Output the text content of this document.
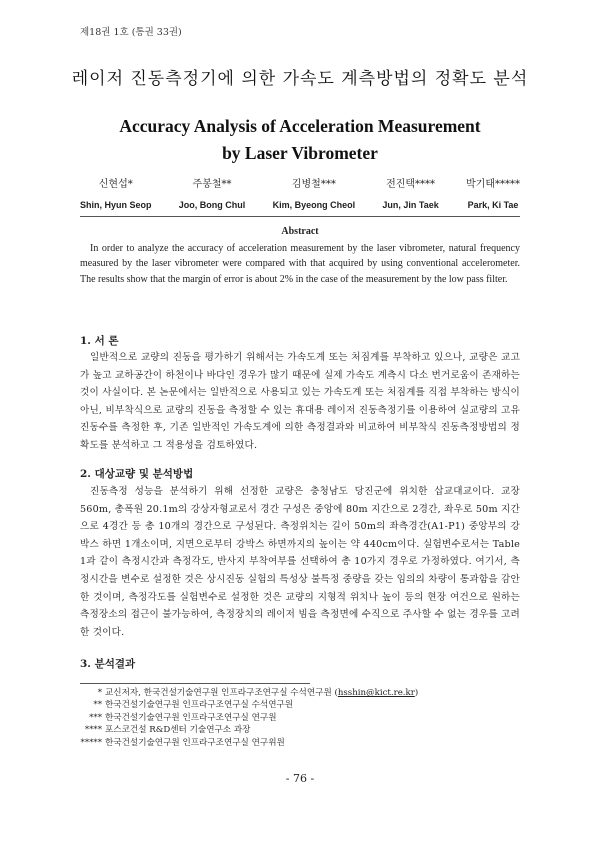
제18권 1호 (통권 33권)
레이저 진동측정기에 의한 가속도 계측방법의 정확도 분석
Accuracy Analysis of Acceleration Measurement
by Laser Vibrometer
신현섭*
Shin, Hyun Seop
주봉철**
Joo, Bong Chul
김병철***
Kim, Byeong Cheol
전진택****
Jun, Jin Taek
박기태*****
Park, Ki Tae
Abstract

In order to analyze the accuracy of acceleration measurement by the laser vibrometer, natural frequency measured by the laser vibrometer were compared with that acquired by using conventional accelerometer. The results show that the margin of error is about 2% in the case of the measurement by the low pass filter.

1. 서 론

일반적으로 교량의 진동을 평가하기 위해서는 가속도계 또는 처짐계를 부착하고 있으나, 교량은 교고가 높고 교하공간이 하천이나 바다인 경우가 많기 때문에 실제 가속도 계측시 다소 번거로움이 존재하는 것이 사실이다. 본 논문에서는 일반적으로 사용되고 있는 가속도계 또는 처짐계를 직접 부착하는 방식이 아닌, 비부착식으로 교량의 진동을 측정할 수 있는 휴대용 레이저 진동측정기를 이용하여 실교량의 고유진동수를 측정한 후, 기존 일반적인 가속도계에 의한 측정결과와 비교하여 비부착식 진동측정방법의 정확도를 분석하고 그 적용성을 검토하였다.

2. 대상교량 및 분석방법

진동측정 성능을 분석하기 위해 선정한 교량은 충청남도 당진군에 위치한 삽교대교이다. 교장 560m, 총폭원 20.1m의 강상자형교로서 경간 구성은 중앙에 80m 지간으로 2경간, 좌우로 50m 지간으로 4경간 등 총 10개의 경간으로 구성된다. 측정위치는 길이 50m의 좌측경간(A1-P1) 중앙부의 강박스 하면 1개소이며, 지면으로부터 강박스 하면까지의 높이는 약 440cm이다. 실험변수로서는 Table 1과 같이 측정시간과 측정각도, 반사지 부착여부를 선택하여 총 10가지 경우로 가정하였다. 여기서, 측정시간을 변수로 설정한 것은 상시진동 실험의 특성상 불특정 중량을 갖는 임의의 차량이 통과함을 감안한 것이며, 측정각도를 실험변수로 설정한 것은 교량의 지형적 위치나 높이 등의 현장 여건으로 원하는 측정장소의 접근이 불가능하여, 측정장치의 레이저 빔을 측정면에 수직으로 주사할 수 없는 경우를 고려한 것이다.

3. 분석결과
* 교신저자, 한국건설기술연구원 인프라구조연구실 수석연구원 (hsshin@kict.re.kr)
** 한국건설기술연구원 인프라구조연구실 수석연구원
*** 한국건설기술연구원 인프라구조연구실 연구원
**** 포스코건설 R&D센터 기술연구소 과장
***** 한국건설기술연구원 인프라구조연구실 연구위원
- 76 -
